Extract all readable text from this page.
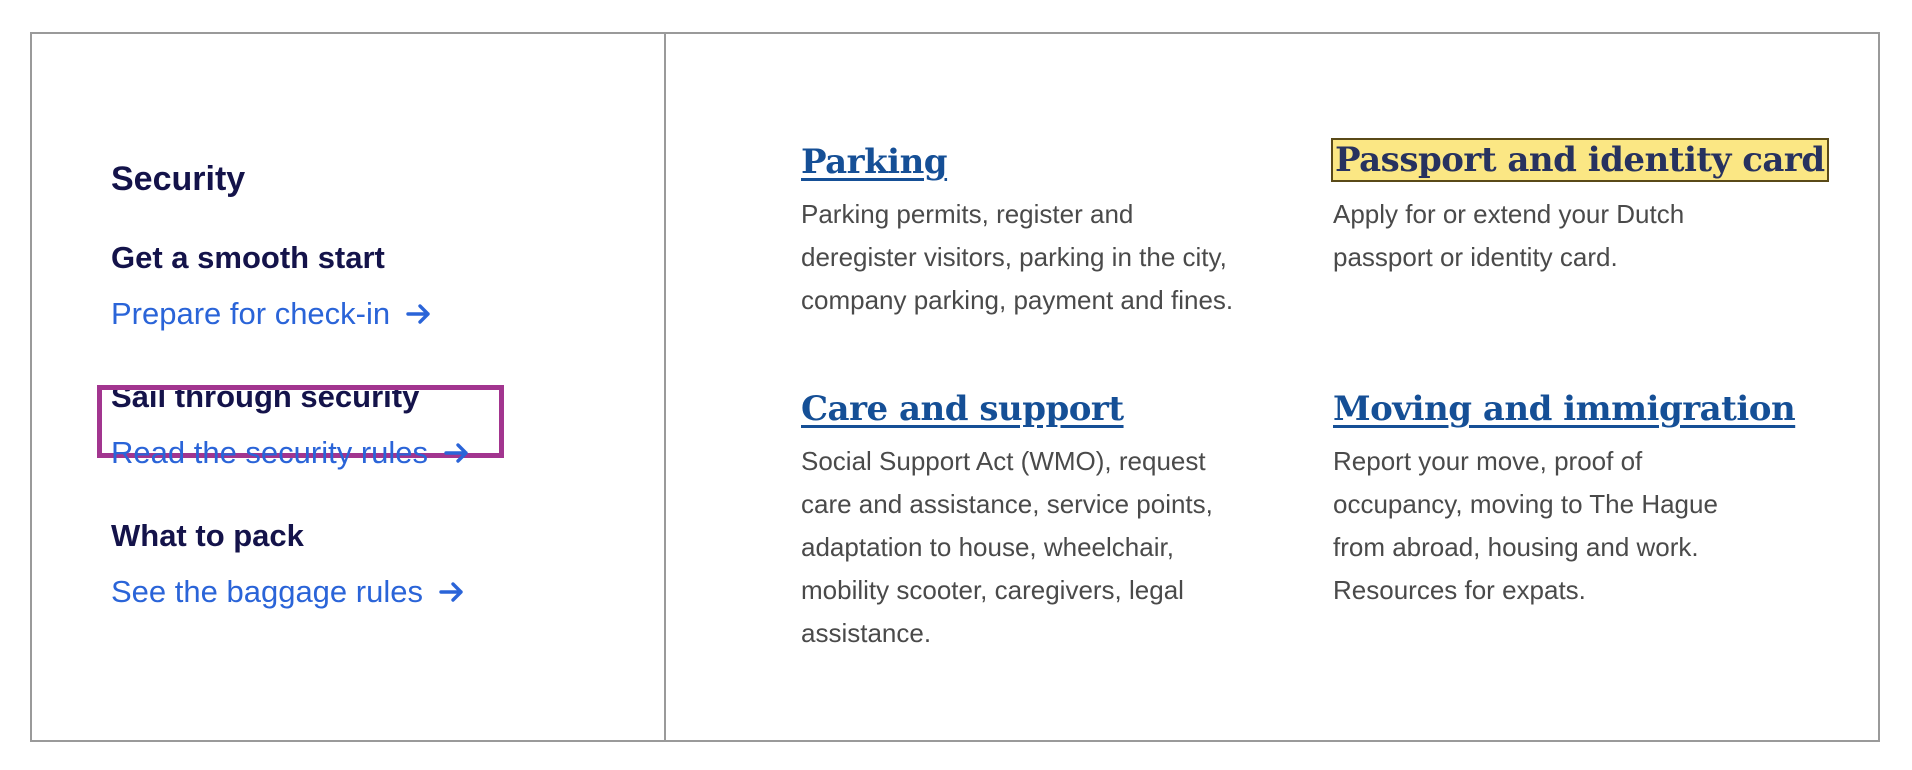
Security
Get a smooth start
Prepare for check-in
Sail through security
Read the security rules
What to pack
See the baggage rules
Parking
Parking permits, register and deregister visitors, parking in the city, company parking, payment and fines.
Passport and identity card
Apply for or extend your Dutch passport or identity card.
Care and support
Social Support Act (WMO), request care and assistance, service points, adaptation to house, wheelchair, mobility scooter, caregivers, legal assistance.
Moving and immigration
Report your move, proof of occupancy, moving to The Hague from abroad, housing and work. Resources for expats.
